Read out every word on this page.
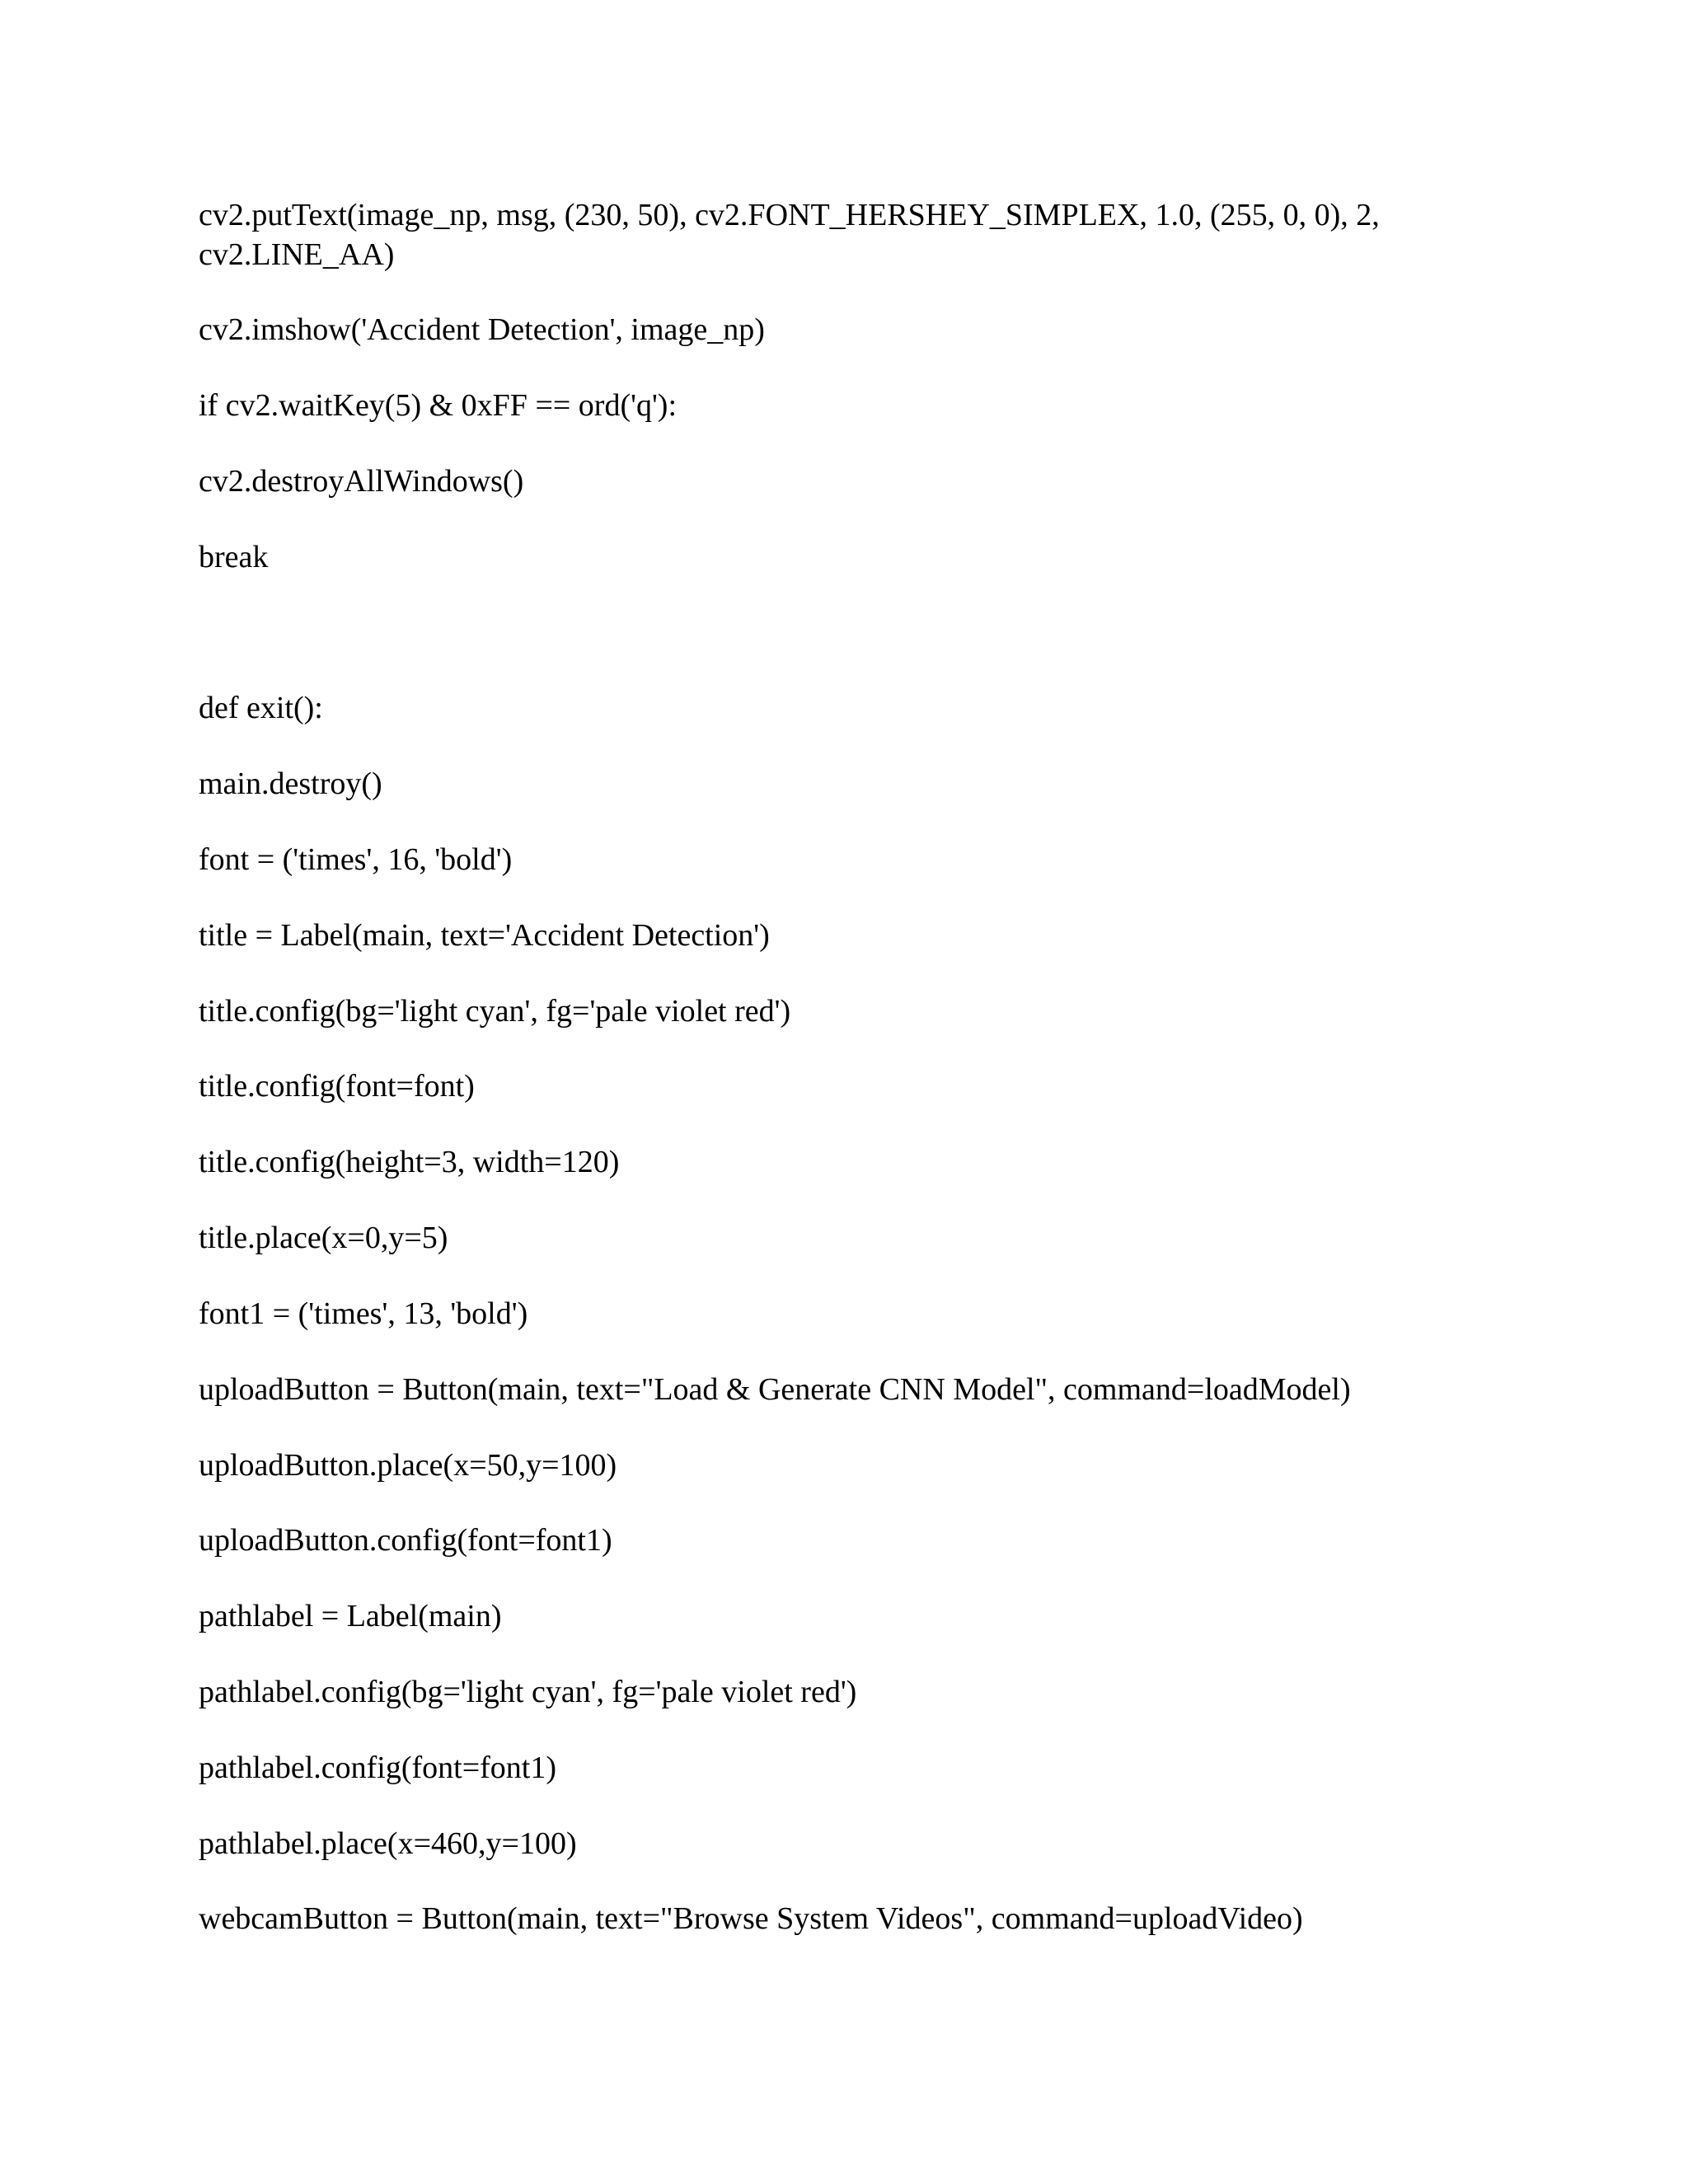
cv2.putText(image_np, msg, (230, 50), cv2.FONT_HERSHEY_SIMPLEX, 1.0, (255, 0, 0), 2,

cv2.LINE_AA)

cv2.imshow('Accident Detection', image_np)

if cv2.waitKey(5) & 0xFF == ord('q'):

cv2.destroyAllWindows()

break

def exit():

main.destroy()

font = ('times', 16, 'bold')

title = Label(main, text='Accident Detection')

title.config(bg='light cyan', fg='pale violet red')

title.config(font=font)

title.config(height=3, width=120)

title.place(x=0,y=5)

font1 = ('times', 13, 'bold')

uploadButton = Button(main, text="Load & Generate CNN Model", command=loadModel)

uploadButton.place(x=50,y=100)

uploadButton.config(font=font1)

pathlabel = Label(main)

pathlabel.config(bg='light cyan', fg='pale violet red')

pathlabel.config(font=font1)

pathlabel.place(x=460,y=100)

webcamButton = Button(main, text="Browse System Videos", command=uploadVideo)
